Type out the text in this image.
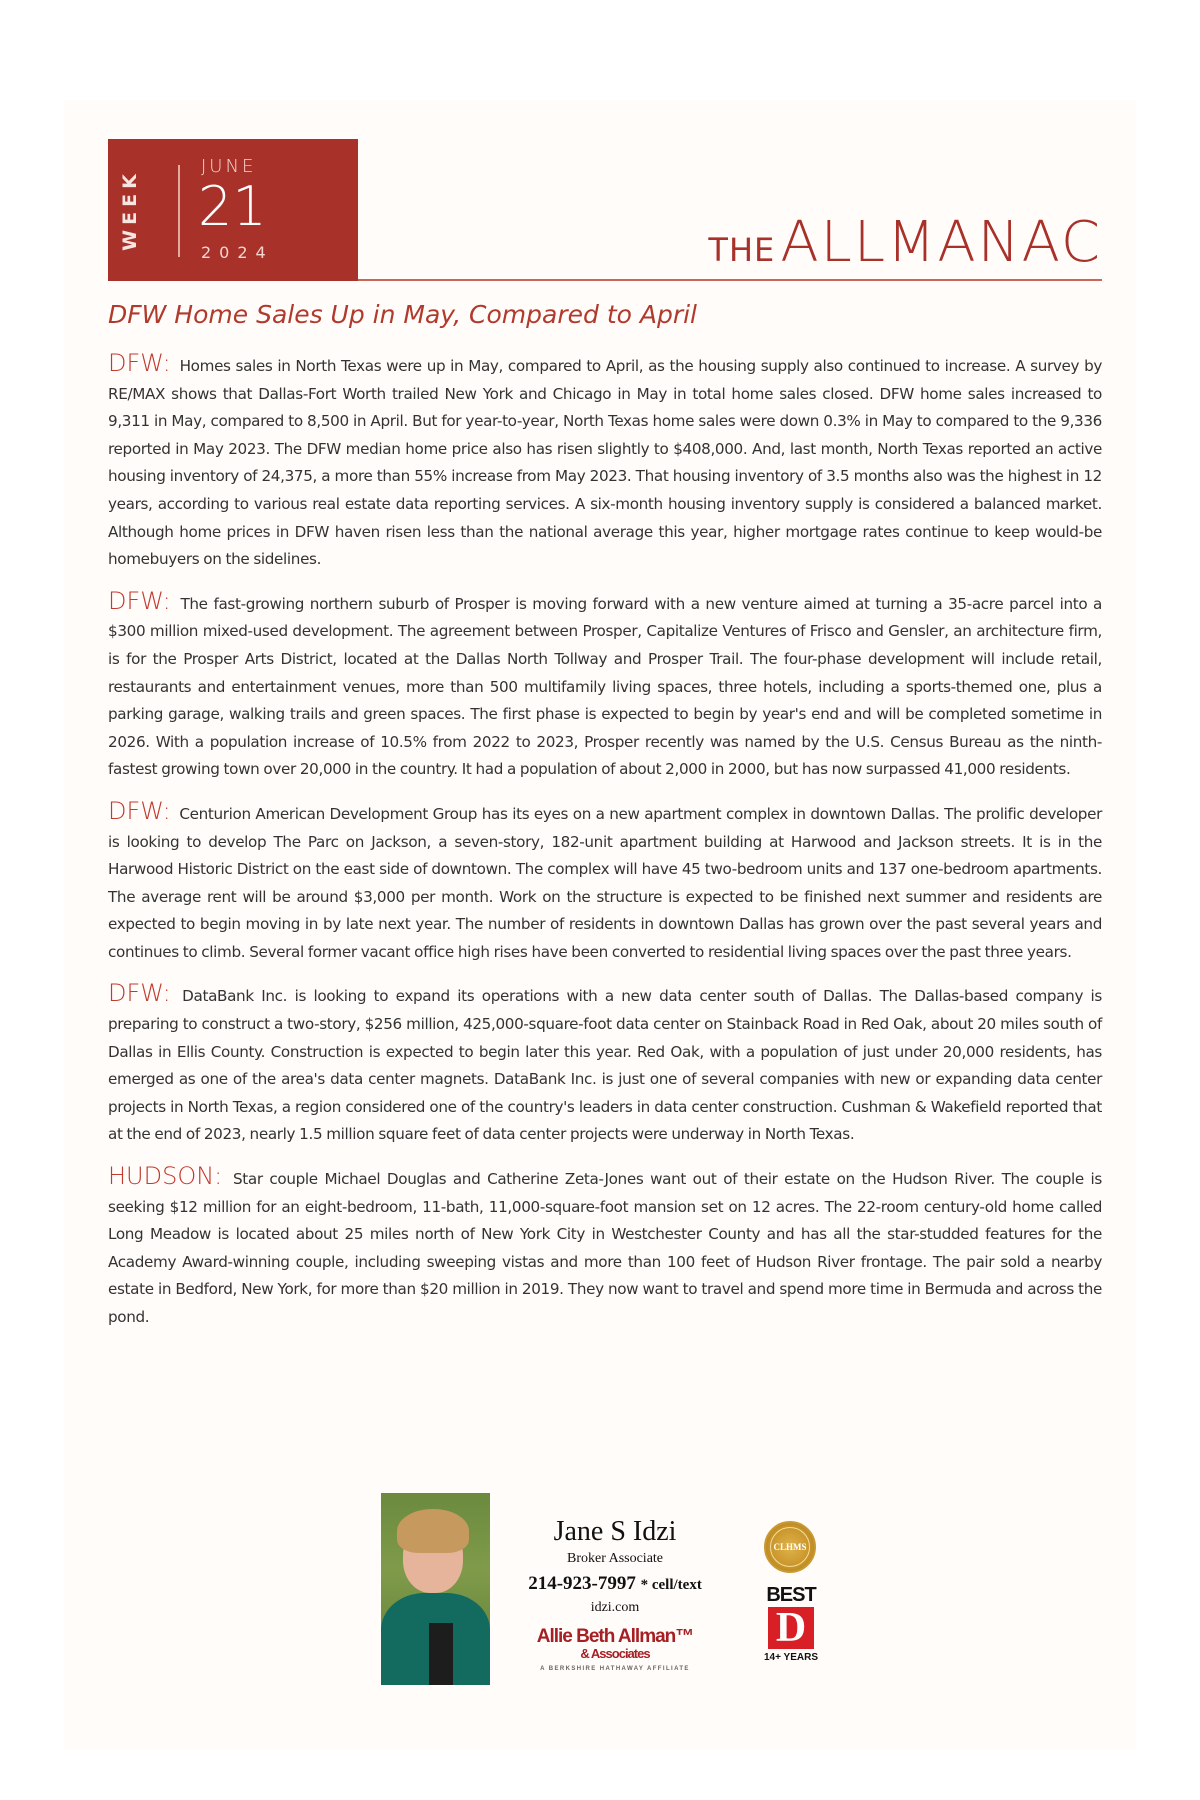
WEEK
JUNE
21
2024	THE ALLMANAC
DFW Home Sales Up in May, Compared to April

DFW: Homes sales in North Texas were up in May, compared to April, as the housing supply also continued to increase. A survey by RE/MAX shows that Dallas-Fort Worth trailed New York and Chicago in May in total home sales closed. DFW home sales increased to 9,311 in May, compared to 8,500 in April. But for year-to-year, North Texas home sales were down 0.3% in May to compared to the 9,336 reported in May 2023. The DFW median home price also has risen slightly to $408,000. And, last month, North Texas reported an active housing inventory of 24,375, a more than 55% increase from May 2023. That housing inventory of 3.5 months also was the highest in 12 years, according to various real estate data reporting services. A six-month housing inventory supply is considered a balanced market. Although home prices in DFW haven risen less than the national average this year, higher mortgage rates continue to keep would-be homebuyers on the sidelines.

DFW: The fast-growing northern suburb of Prosper is moving forward with a new venture aimed at turning a 35-acre parcel into a $300 million mixed-used development. The agreement between Prosper, Capitalize Ventures of Frisco and Gensler, an architecture firm, is for the Prosper Arts District, located at the Dallas North Tollway and Prosper Trail. The four-phase development will include retail, restaurants and entertainment venues, more than 500 multifamily living spaces, three hotels, including a sports-themed one, plus a parking garage, walking trails and green spaces. The first phase is expected to begin by year's end and will be completed sometime in 2026. With a population increase of 10.5% from 2022 to 2023, Prosper recently was named by the U.S. Census Bureau as the ninth-fastest growing town over 20,000 in the country. It had a population of about 2,000 in 2000, but has now surpassed 41,000 residents.

DFW: Centurion American Development Group has its eyes on a new apartment complex in downtown Dallas. The prolific developer is looking to develop The Parc on Jackson, a seven-story, 182-unit apartment building at Harwood and Jackson streets. It is in the Harwood Historic District on the east side of downtown. The complex will have 45 two-bedroom units and 137 one-bedroom apartments. The average rent will be around $3,000 per month. Work on the structure is expected to be finished next summer and residents are expected to begin moving in by late next year. The number of residents in downtown Dallas has grown over the past several years and continues to climb. Several former vacant office high rises have been converted to residential living spaces over the past three years.

DFW: DataBank Inc. is looking to expand its operations with a new data center south of Dallas. The Dallas-based company is preparing to construct a two-story, $256 million, 425,000-square-foot data center on Stainback Road in Red Oak, about 20 miles south of Dallas in Ellis County. Construction is expected to begin later this year. Red Oak, with a population of just under 20,000 residents, has emerged as one of the area's data center magnets. DataBank Inc. is just one of several companies with new or expanding data center projects in North Texas, a region considered one of the country's leaders in data center construction. Cushman & Wakefield reported that at the end of 2023, nearly 1.5 million square feet of data center projects were underway in North Texas.

HUDSON: Star couple Michael Douglas and Catherine Zeta-Jones want out of their estate on the Hudson River. The couple is seeking $12 million for an eight-bedroom, 11-bath, 11,000-square-foot mansion set on 12 acres. The 22-room century-old home called Long Meadow is located about 25 miles north of New York City in Westchester County and has all the star-studded features for the Academy Award-winning couple, including sweeping vistas and more than 100 feet of Hudson River frontage. The pair sold a nearby estate in Bedford, New York, for more than $20 million in 2019. They now want to travel and spend more time in Bermuda and across the pond.

Jane S Idzi
Broker Associate
214-923-7997 * cell/text
idzi.com
Allie Beth Allman™
& Associates
A BERKSHIRE HATHAWAY AFFILIATE
CLHMS
BEST
D
14+ YEARS
